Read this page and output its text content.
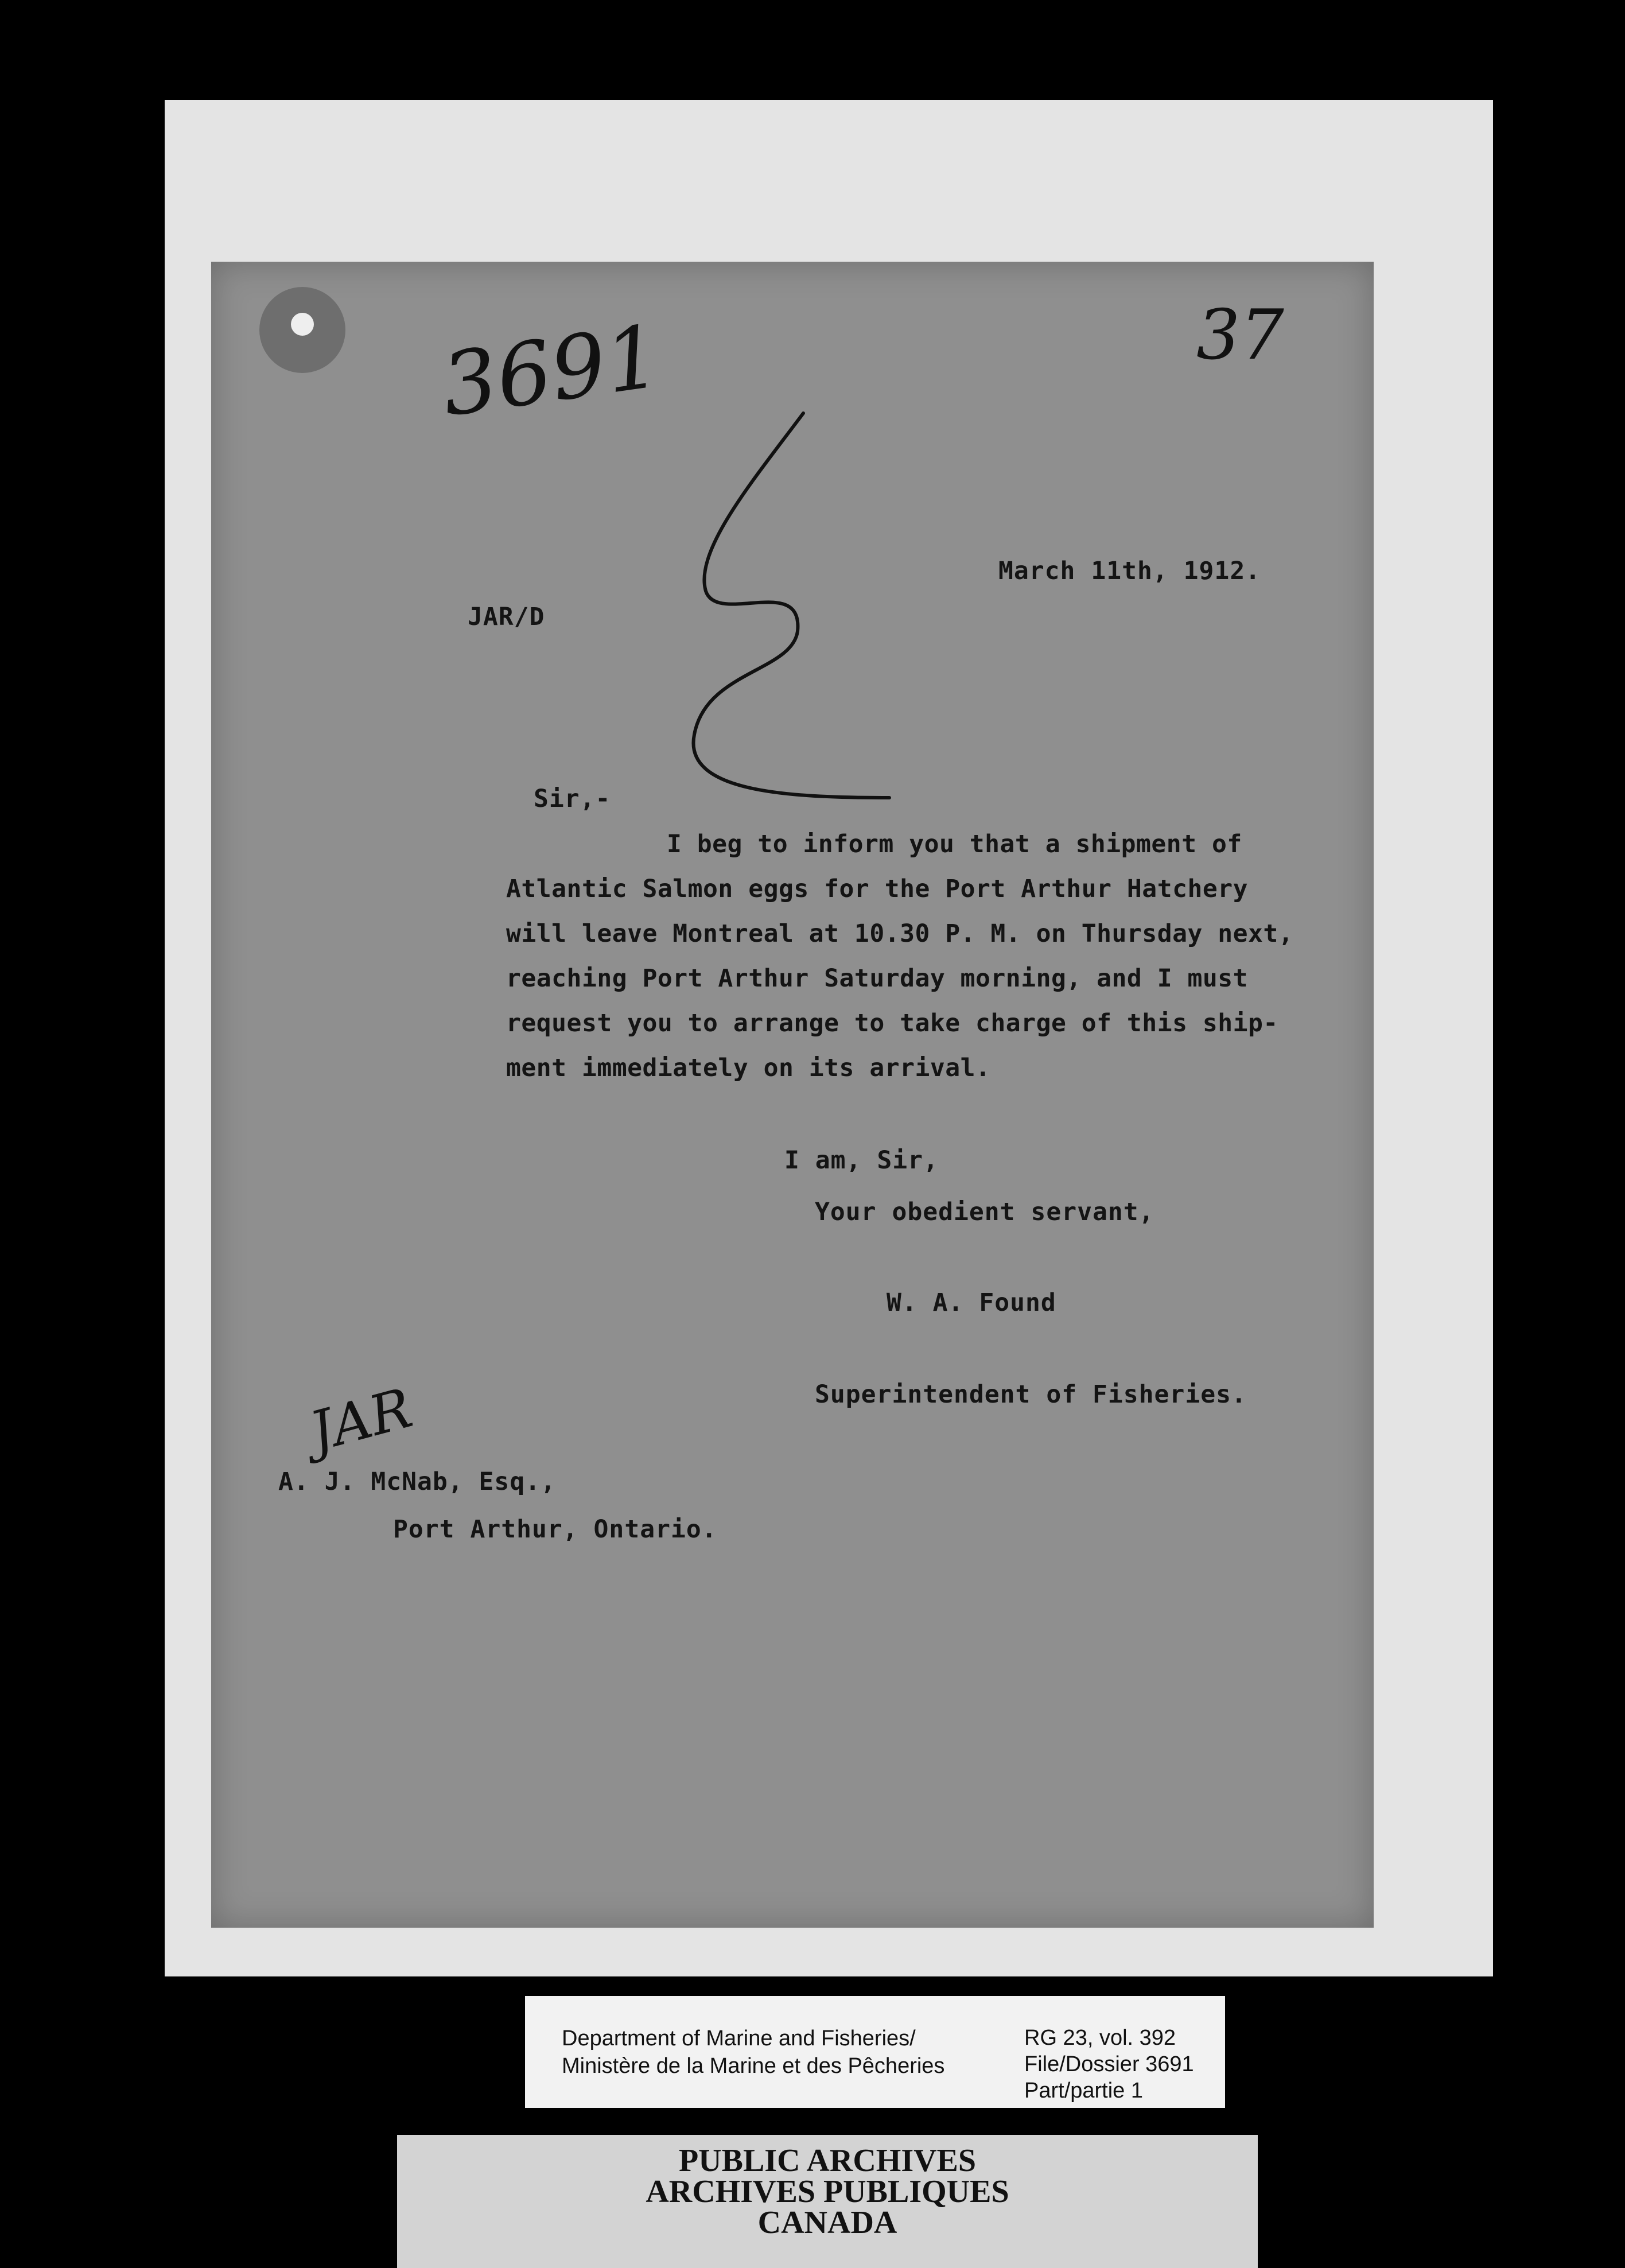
3691	37
March 11th, 1912.
JAR/D
Sir,-
I beg to inform you that a shipment of
Atlantic Salmon eggs for the Port Arthur Hatchery
will leave Montreal at 10.30 P. M. on Thursday next,
reaching Port Arthur Saturday morning, and I must
request you to arrange to take charge of this ship-
ment immediately on its arrival.
I am, Sir,
Your obedient servant,
W. A. Found
Superintendent of Fisheries.
JAR
A. J. McNab, Esq.,
Port Arthur, Ontario.
Department of Marine and Fisheries/
Ministère de la Marine et des Pêcheries
RG 23, vol. 392
File/Dossier 3691
Part/partie 1
PUBLIC ARCHIVES
ARCHIVES PUBLIQUES
CANADA
